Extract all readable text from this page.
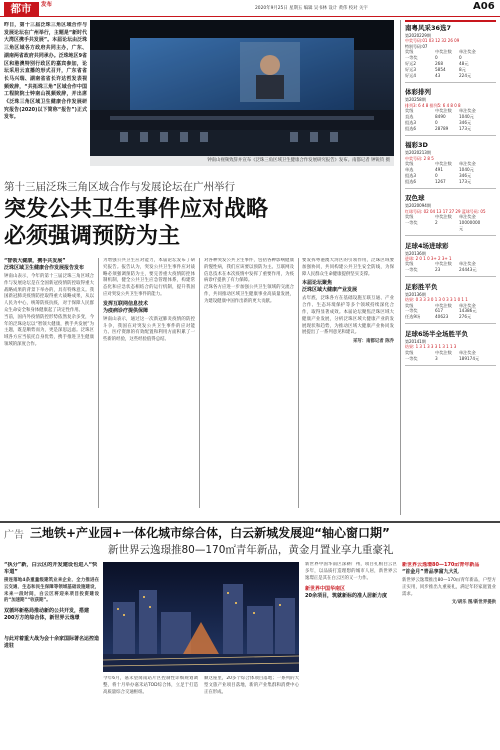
都市	发布
2020年9月25日 星期五 编辑 吴书林 设计 黄伟 校对 关宇	A06
昨日，第十三届泛珠三角区域合作与发展论坛在广州举行，主题是“新时代大湾区携手共发展”。本届论坛由泛珠三角区域各方政府共同主办，广东、湖南两省政府共同承办。泛珠地区9省区和港澳特别行政区的嘉宾参加，论坛采用云直播的形式召开，广东省省长马兴瑞、湖南省省长许达哲发表视频致辞，“共拓珠三角”区域合作中国工程院院士钟南山视频致辞，并出席《泛珠三角区域卫生健康合作发展研究报告(2020)以下简称“报告”)正式发布。
钟南山视频致辞并宣布《泛珠三角区域卫生健康合作发展研究报告》发布。南都记者 钟锐钧 摄
第十三届泛珠三角区域合作与发展论坛在广州举行
突发公共卫生事件应对战略
必须强调预防为主
“智领大健康，携手共发展”
泛珠区域卫生健康合作发展报告发布

钟南山表示，今年的第十三届泛珠三角区域合作与发展论坛是在全国新冠疫情防控取得重大战略成果的背景下举办的，具有特殊意义。我国新冠肺炎疫情防控取得重大战略成果，从以人民为中心，统筹防疫抗疫，对于保障人民群众生命安全和身体健康起了决定性作用。

当前，国内外疫情防控形势依然复杂多变，今年的泛珠论坛以“智领大健康，携手共发展”为主题，既是顺势而为，更是深思远虑。泛珠区域各方应当依托自身优势，携手推进卫生健康领域的深度合作。

为增强公共卫生应对能力，本届论坛发布了研究报告。报告认为，突发公共卫生事件应对战略必须强调预防为主，要完善重大疫情防控体制机制，健全公共卫生应急管理体系，构建常态化和应急状态相结合的运行机制，提升我国应对突发公共卫生事件的能力。

发挥互联网信息技术
为疫病诊疗提供保障

钟南山表示，通过这一次新冠肺炎疫情的防控斗争，我国在对突发公共卫生事件的应对能力、医疗资源的有效配置和利用方面积累了一些新的经验，这些经验值得总结。

对各种突发公共卫生事件，包括各种影响健康的慢性病，我们应该要以预防为主。互联网及信息技术在本次疫情中发挥了重要作用，为疫病诊疗提供了有力保障。

泛珠各方应进一步加强公共卫生领域的交流合作，共同推动区域卫生健康事业高质量发展，为建设健康中国作出新的更大贡献。

要发挥粤港澳大湾区的引领作用，泛珠区域要加强协同，共同构建公共卫生安全防线，为保障人民群众生命健康提供坚实支撑。

本届论坛聚焦
泛珠区域大健康产业发展

去年底，泛珠各方在基础设施互联互通、产业合作、生态环境保护等多个领域持续深化合作，取得显著成效。本届论坛聚焦泛珠区域大健康产业发展，分析泛珠区域大健康产业的发展现状和趋势，为推动区域大健康产业协同发展提出了一系列意见和建议。

采写：南都记者 陈乔
南粤风采36选7
第2020229期
中奖号码:01 03 12 32 26 09
特别号码:07
奖级	中奖注数	单注奖金
一等奖	0	0
好运2	268	48元
好运3	5854	8元
好运4	43	224元
体彩排列
第20258期
排列3: 6 4 8 排列5: 6 4 8 0 8
奖级	中奖注数	单注奖金
直选	8490	1040元
组选3	0	346元
组选6	28789	173元
福彩3D
第2020213期
中奖号码: 2 8 5
奖级	中奖注数	单注奖金
单选	491	1040元
组选3	0	346元
组选6	1267	173元
双色球
第2020094期
红球号码: 02 04 13 17 27 29 蓝球号码: 05
奖级	中奖注数	单注奖金
一等奖	2	10000000元
足球4场进球彩
第20136期
进球: 2 0 1 0 3+ 2 3+ 1
奖级	中奖注数	单注奖金
一等奖	23	24443元
足彩胜平负
第20136期
结果: 0 3 3 3 0 1 3 0 3 3 1 0 1 1
奖级	中奖注数	单注奖金
一等奖	617	14386元
任选9场	40623	276元
足球6场半全场胜平负
第20141期
结果: 1 3 1 3 3 3 1 3 1 1 3
奖级	中奖注数	单注奖金
一等奖	3	189174元
广告 三地铁+产业园+一体化城市综合体，白云新城发展迎“轴心窗口期”
新世界云逸璟推80—170㎡青年新品，黄金月置业享九重豪礼
“执分”新，白云区的开发建设也进入“快车道”

接连落地4条重量级建筑业来企业、全力推进在云交通、生态和民生保障等领域基础设施建设，未来一段时间，白云区将迎来项目投资建设的“加速期”“收获期”。

双循环新格局推动新的公共开发，搭建200万方的综合体，新世界云逸璟
与此对着重大战为会十余家国际著名运控造进驻

今年6月，嘉禾望岗南站片区控制性详细规划调整，将十月举办嘉禾站TOD综合体，立足于打造高质量综合交通枢纽。

顺这座里，20多个综合体项目落地；一系列的大型文旅产业项目落地，新的产业集群和消费中心正在形成。

新世界中国华南区深耕广州，项目扎根白云区多年，以品质打造理想的城市人居，新世界云逸璟正是其在白云区的又一力作。

新世界中国华南区
20余项目，筑就新标的准人居新力度
新世界云逸璟80—170㎡青年新品
“首金月”青品享富九大礼

新世界云逸璟推出80—170㎡青年新品，户型方正实用，同步推出九重豪礼，满足年轻家庭置业需求。

文/胡乐 图/新世界提供
